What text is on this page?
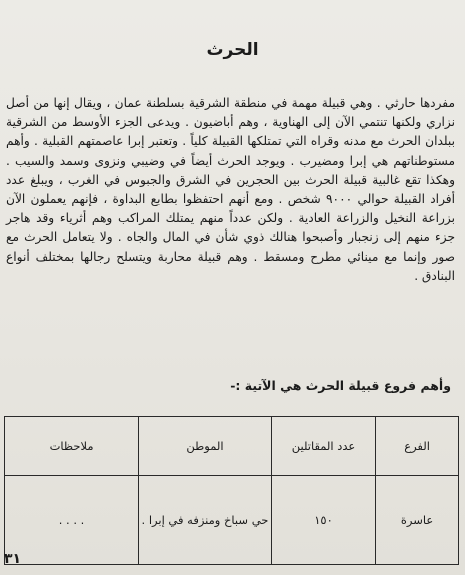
الحرث

مفردها حارثي . وهي قبيلة مهمة في منطقة الشرقية بسلطنة عمان ، ويقال إنها من أصل نزاري ولكنها تنتمي الآن إلى الهناوية ، وهم أباضيون . ويدعى الجزء الأوسط من الشرقية ببلدان الحرث مع مدنه وقراه التي تمتلكها القبيلة كلياً . وتعتبر إبرا عاصمتهم القبلية . وأهم مستوطناتهم هي إبرا ومضيرب . ويوجد الحرث أيضاً في وضيبي ونزوى وسمد والسيب . وهكذا تقع غالبية قبيلة الحرث بين الحجرين في الشرق والجبوس في الغرب ، ويبلغ عدد أفراد القبيلة حوالي ٩٠٠٠ شخص . ومع أنهم احتفظوا بطابع البداوة ، فإنهم يعملون الآن بزراعة النخيل والزراعة العادية . ولكن عدداً منهم يمتلك المراكب وهم أثرياء وقد هاجر جزء منهم إلى زنجبار وأصبحوا هنالك ذوي شأن في المال والجاه . ولا يتعامل الحرث مع صور وإنما مع مينائي مطرح ومسقط . وهم قبيلة محاربة ويتسلح رجالها بمختلف أنواع البنادق .

وأهم فروع قبيلة الحرث هي الآتية :-
الفرع	عدد المقاتلين	الموطن	ملاحظات
عاسرة	١٥٠	حي سباخ ومنزفه في إبرا .	. . . .
٣١
